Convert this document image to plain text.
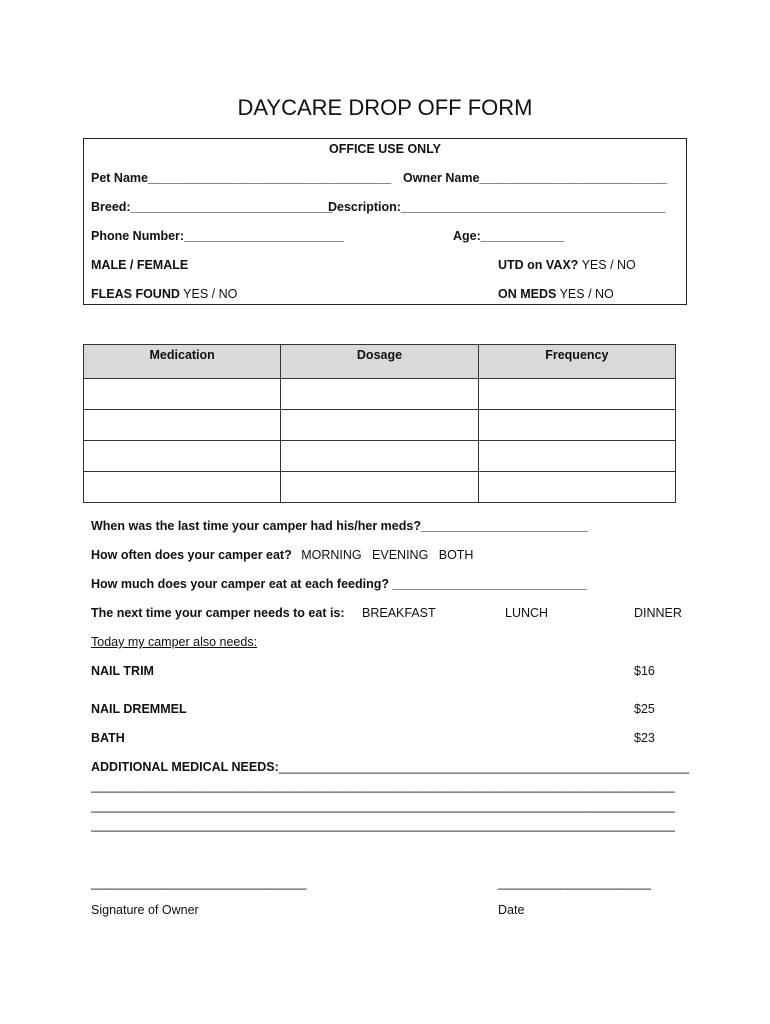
DAYCARE DROP OFF FORM
OFFICE USE ONLY
Pet Name___________________________________ Owner Name___________________________
Breed:_____________________________
Description:______________________________________
Phone Number:_______________________	Age:____________
MALE / FEMALE	UTD on VAX? YES / NO
FLEAS FOUND YES / NO	ON MEDS YES / NO
Medication	Dosage	Frequency

When was the last time your camper had his/her meds?________________________
How often does your camper eat? MORNING   EVENING   BOTH
How much does your camper eat at each feeding? ____________________________
The next time your camper needs to eat is: BREAKFAST	LUNCH	DINNER
Today my camper also needs:
NAIL TRIM	$16
NAIL DREMMEL	$25
BATH	$23
ADDITIONAL MEDICAL NEEDS:___________________________________________________________
____________________________________________________________________________________
____________________________________________________________________________________
____________________________________________________________________________________
_______________________________
Signature of Owner
______________________
Date
